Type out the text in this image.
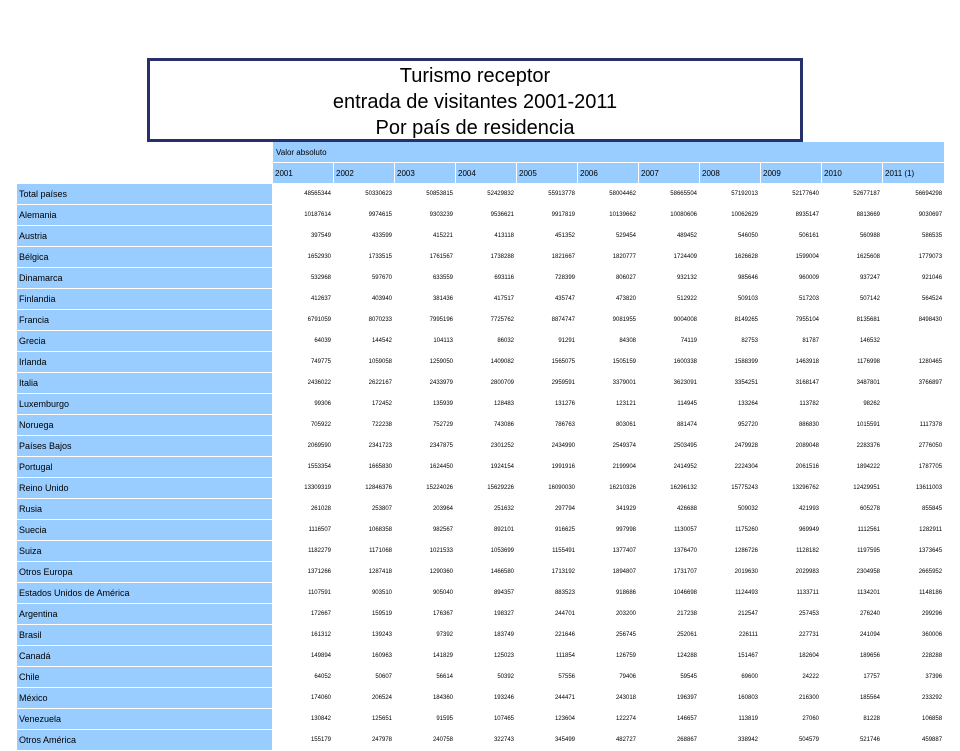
Turismo receptor
entrada de visitantes 2001-2011
Por país de residencia
	Valor absoluto										
	2001	2002	2003	2004	2005	2006	2007	2008	2009	2010	2011 (1)
Total países	48565344	50330623	50853815	52429832	55913778	58004462	58665504	57192013	52177640	52677187	56694298
Alemania	10187614	9974615	9303239	9536621	9917819	10139662	10080606	10062629	8935147	8813669	9030697
Austria	397549	433599	415221	413118	451352	529454	489452	546050	506161	560988	586535
Bélgica	1652930	1733515	1761567	1738288	1821667	1820777	1724409	1626628	1599004	1625608	1779073
Dinamarca	532968	597670	633559	693116	728399	806027	932132	985646	960009	937247	921046
Finlandia	412637	403940	381436	417517	435747	473820	512922	509103	517203	507142	564524
Francia	6791059	8070233	7995196	7725762	8874747	9081955	9004008	8149265	7955104	8135681	8498430
Grecia	64039	144542	104113	86032	91291	84308	74119	82753	81787	146532	
Irlanda	749775	1059058	1259050	1409082	1565075	1505159	1600338	1588399	1463918	1176998	1280465
Italia	2436022	2622167	2433979	2800709	2959591	3379001	3623091	3354251	3168147	3487801	3766897
Luxemburgo	99306	172452	135939	128483	131276	123121	114945	133264	113782	98262	
Noruega	705922	722238	752729	743086	786763	803061	881474	952720	886830	1015591	1117378
Países Bajos	2069590	2341723	2347875	2301252	2434990	2549374	2503495	2479928	2089048	2283376	2776050
Portugal	1553354	1665830	1624450	1924154	1991916	2199904	2414952	2224304	2061516	1894222	1787705
Reino Unido	13309319	12846376	15224026	15629226	16090030	16210326	16296132	15775243	13296762	12429951	13611003
Rusia	261028	253807	203964	251632	297794	341929	426688	509032	421993	605278	855845
Suecia	1116507	1068358	982567	892101	916625	997998	1130057	1175260	969949	1112561	1282911
Suiza	1182279	1171068	1021533	1053699	1155491	1377407	1376470	1286726	1128182	1197595	1373645
Otros Europa	1371266	1287418	1290360	1466580	1713192	1894807	1731707	2019630	2029983	2304958	2665952
Estados Unidos de América	1107591	903510	905040	894357	883523	918686	1046698	1124493	1133711	1134201	1148186
Argentina	172667	159519	176367	198327	244701	203200	217238	212547	257453	276240	299296
Brasil	161312	139243	97392	183749	221646	256745	252061	226111	227731	241094	360006
Canadá	149894	160963	141829	125023	111854	126759	124288	151467	182604	189656	228288
Chile	64052	50607	56614	50392	57556	79406	59545	69600	24222	17757	37396
México	174060	206524	184360	193246	244471	243018	196397	160803	216300	185564	233292
Venezuela	130842	125651	91595	107465	123604	122274	146657	113819	27060	81228	106858
Otros América	155179	247978	240758	322743	345499	482727	268867	338942	504579	521746	459887
